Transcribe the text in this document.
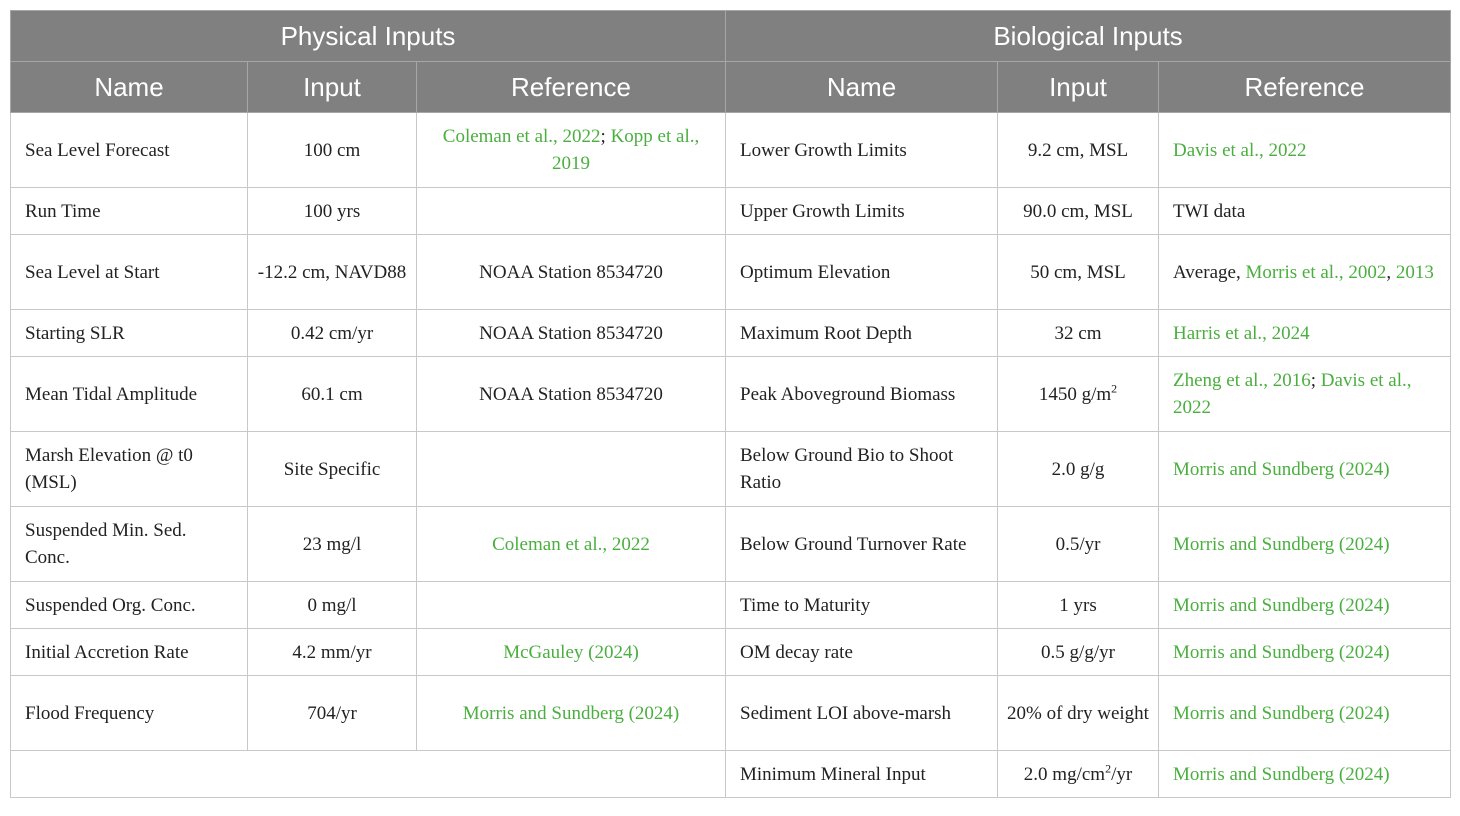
Physical Inputs			Biological Inputs		
Name	Input	Reference	Name	Input	Reference
Sea Level Forecast	100 cm	Coleman et al., 2022; Kopp et al., 2019	Lower Growth Limits	9.2 cm, MSL	Davis et al., 2022
Run Time	100 yrs		Upper Growth Limits	90.0 cm, MSL	TWI data
Sea Level at Start	-12.2 cm, NAVD88	NOAA Station 8534720	Optimum Elevation	50 cm, MSL	Average, Morris et al., 2002, 2013
Starting SLR	0.42 cm/yr	NOAA Station 8534720	Maximum Root Depth	32 cm	Harris et al., 2024
Mean Tidal Amplitude	60.1 cm	NOAA Station 8534720	Peak Aboveground Biomass	1450 $g/m^2$	Zheng et al., 2016; Davis et al., 2022
Marsh Elevation @ t0 (MSL)	Site Specific		Below Ground Bio to Shoot Ratio	2.0 g/g	Morris and Sundberg (2024)
Suspended Min. Sed. Conc.	23 mg/l	Coleman et al., 2022	Below Ground Turnover Rate	0.5/yr	Morris and Sundberg (2024)
Suspended Org. Conc.	0 mg/l		Time to Maturity	1 yrs	Morris and Sundberg (2024)
Initial Accretion Rate	4.2 mm/yr	McGauley (2024)	OM decay rate	0.5 g/g/yr	Morris and Sundberg (2024)
Flood Frequency	704/yr	Morris and Sundberg (2024)	Sediment LOI above-marsh	20% of dry weight	Morris and Sundberg (2024)
			Minimum Mineral Input	2.0 $mg/cm^2/yr$	Morris and Sundberg (2024)
